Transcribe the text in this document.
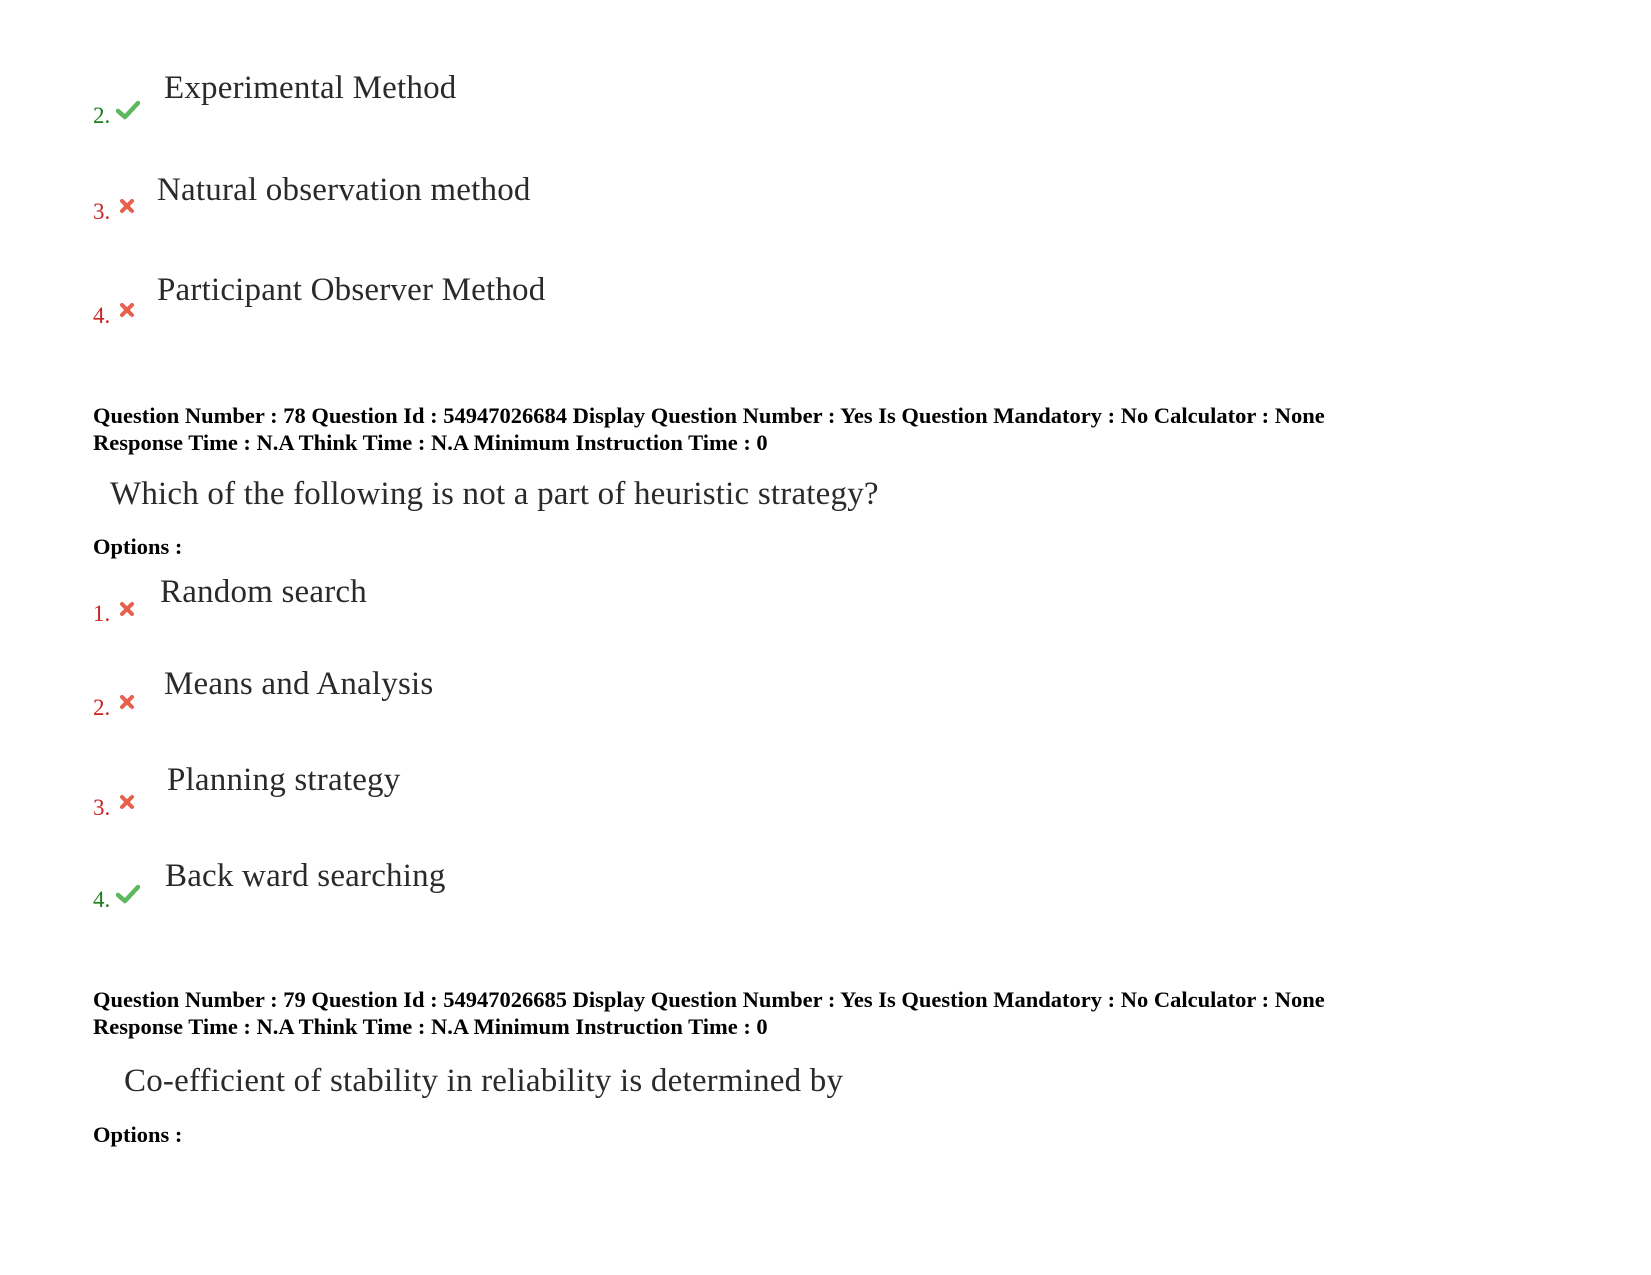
2.
Experimental Method
3.
Natural observation method
4.
Participant Observer Method
Question Number : 78 Question Id : 54947026684 Display Question Number : Yes Is Question Mandatory : No Calculator : None
Response Time : N.A Think Time : N.A Minimum Instruction Time : 0
Which of the following is not a part of heuristic strategy?
Options :
1.
Random search
2.
Means and Analysis
3.
Planning strategy
4.
Back ward searching
Question Number : 79 Question Id : 54947026685 Display Question Number : Yes Is Question Mandatory : No Calculator : None
Response Time : N.A Think Time : N.A Minimum Instruction Time : 0
Co-efficient of stability in reliability is determined by
Options :
